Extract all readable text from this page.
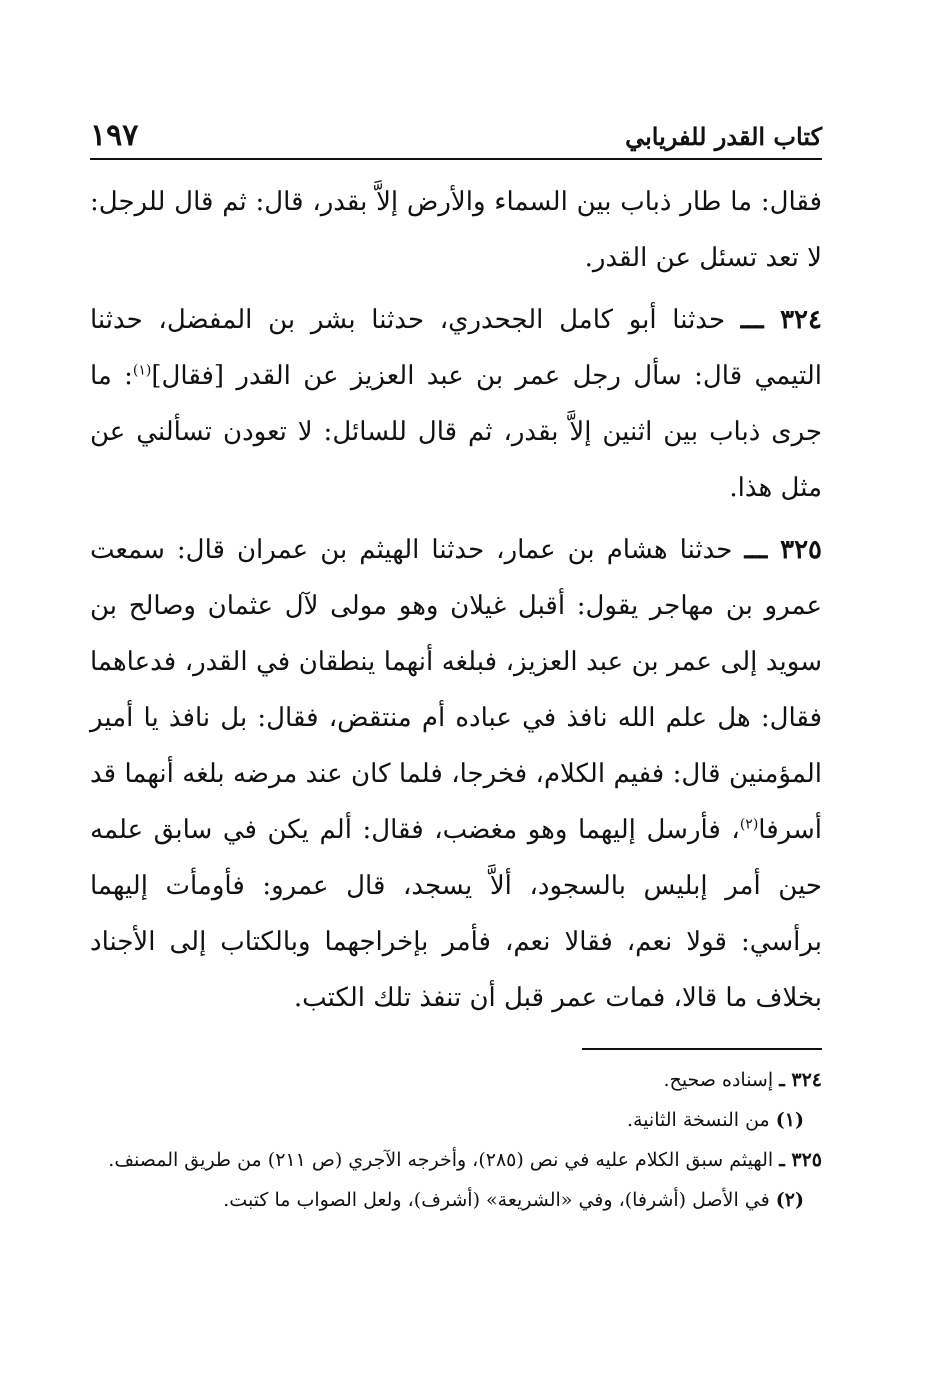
كتاب القدر للفريابي
١٩٧

فقال: ما طار ذباب بين السماء والأرض إلاَّ بقدر، قال: ثم قال للرجل: لا تعد تسئل عن القدر.

٣٢٤ ـــ حدثنا أبو كامل الجحدري، حدثنا بشر بن المفضل، حدثنا التيمي قال: سأل رجل عمر بن عبد العزيز عن القدر [فقال]$^{(١)}$: ما جرى ذباب بين اثنين إلاَّ بقدر، ثم قال للسائل: لا تعودن تسألني عن مثل هذا.

٣٢٥ ـــ حدثنا هشام بن عمار، حدثنا الهيثم بن عمران قال: سمعت عمرو بن مهاجر يقول: أقبل غيلان وهو مولى لآل عثمان وصالح بن سويد إلى عمر بن عبد العزيز، فبلغه أنهما ينطقان في القدر، فدعاهما فقال: هل علم الله نافذ في عباده أم منتقض، فقال: بل نافذ يا أمير المؤمنين قال: ففيم الكلام، فخرجا، فلما كان عند مرضه بلغه أنهما قد أسرفا$^{(٢)}$، فأرسل إليهما وهو مغضب، فقال: ألم يكن في سابق علمه حين أمر إبليس بالسجود، ألاَّ يسجد، قال عمرو: فأومأت إليهما برأسي: قولا نعم، فقالا نعم، فأمر بإخراجهما وبالكتاب إلى الأجناد بخلاف ما قالا، فمات عمر قبل أن تنفذ تلك الكتب.

٣٢٤ ـ إسناده صحيح.

(١) من النسخة الثانية.

٣٢٥ ـ الهيثم سبق الكلام عليه في نص (٢٨٥)، وأخرجه الآجري (ص ٢١١) من طريق المصنف.

(٢) في الأصل (أشرفا)، وفي «الشريعة» (أشرف)، ولعل الصواب ما كتبت.
